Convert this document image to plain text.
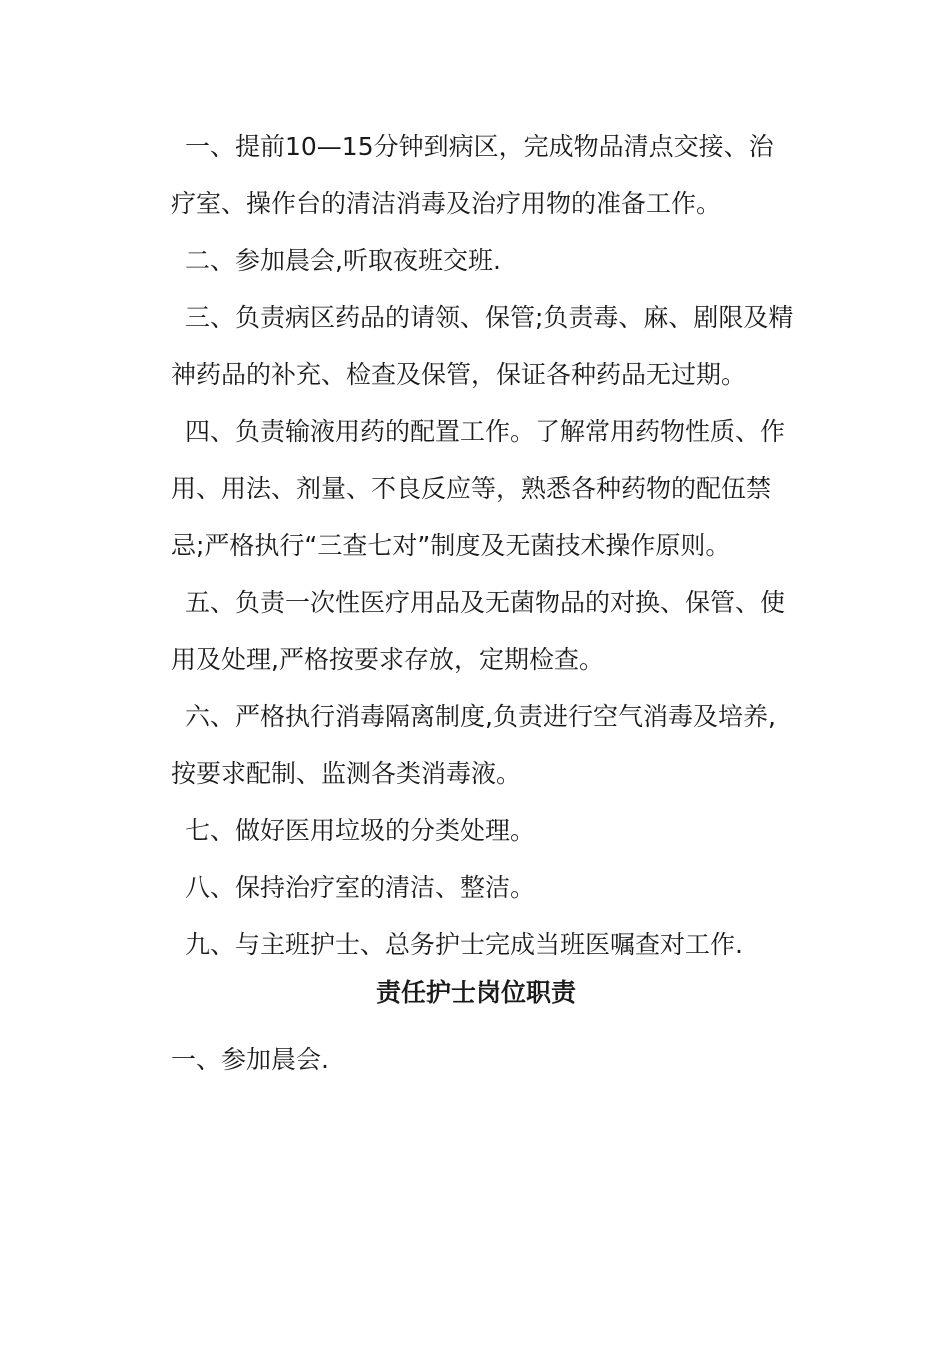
一、提前10—15分钟到病区，完成物品清点交接、治疗室、操作台的清洁消毒及治疗用物的准备工作。

二、参加晨会,听取夜班交班.

三、负责病区药品的请领、保管;负责毒、麻、剧限及精神药品的补充、检查及保管，保证各种药品无过期。

四、负责输液用药的配置工作。了解常用药物性质、作用、用法、剂量、不良反应等，熟悉各种药物的配伍禁忌;严格执行“三查七对”制度及无菌技术操作原则。

五、负责一次性医疗用品及无菌物品的对换、保管、使用及处理,严格按要求存放，定期检查。

六、严格执行消毒隔离制度,负责进行空气消毒及培养,按要求配制、监测各类消毒液。

七、做好医用垃圾的分类处理。

八、保持治疗室的清洁、整洁。

九、与主班护士、总务护士完成当班医嘱查对工作.

责任护士岗位职责

一、参加晨会.
